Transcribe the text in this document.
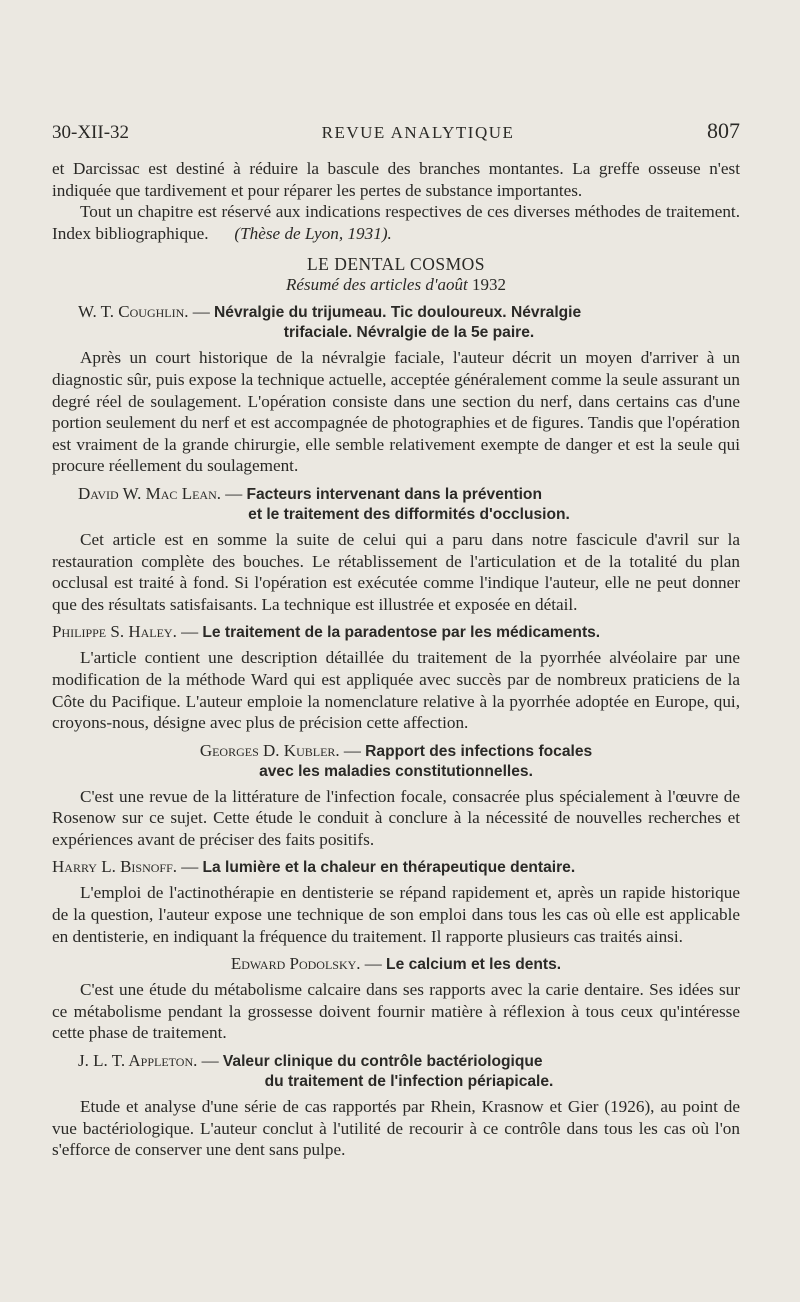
30-XII-32	REVUE ANALYTIQUE	807

et Darcissac est destiné à réduire la bascule des branches montantes. La greffe osseuse n'est indiquée que tardivement et pour réparer les pertes de substance importantes.

Tout un chapitre est réservé aux indications respectives de ces diverses méthodes de traitement. Index bibliographique. (Thèse de Lyon, 1931).

LE DENTAL COSMOS
Résumé des articles d'août 1932
W. T. Coughlin. — Névralgie du trijumeau. Tic douloureux. Névralgie
trifaciale. Névralgie de la 5e paire.

Après un court historique de la névralgie faciale, l'auteur décrit un moyen d'arriver à un diagnostic sûr, puis expose la technique actuelle, acceptée généralement comme la seule assurant un degré réel de soulagement. L'opération consiste dans une section du nerf, dans certains cas d'une portion seulement du nerf et est accompagnée de photographies et de figures. Tandis que l'opération est vraiment de la grande chirurgie, elle semble relativement exempte de danger et est la seule qui procure réellement du soulagement.

David W. Mac Lean. — Facteurs intervenant dans la prévention
et le traitement des difformités d'occlusion.

Cet article est en somme la suite de celui qui a paru dans notre fascicule d'avril sur la restauration complète des bouches. Le rétablissement de l'articulation et de la totalité du plan occlusal est traité à fond. Si l'opération est exécutée comme l'indique l'auteur, elle ne peut donner que des résultats satisfaisants. La technique est illustrée et exposée en détail.

Philippe S. Haley. — Le traitement de la paradentose par les médicaments.

L'article contient une description détaillée du traitement de la pyorrhée alvéolaire par une modification de la méthode Ward qui est appliquée avec succès par de nombreux praticiens de la Côte du Pacifique. L'auteur emploie la nomenclature relative à la pyorrhée adoptée en Europe, qui, croyons-nous, désigne avec plus de précision cette affection.

Georges D. Kubler. — Rapport des infections focales
avec les maladies constitutionnelles.

C'est une revue de la littérature de l'infection focale, consacrée plus spécialement à l'œuvre de Rosenow sur ce sujet. Cette étude le conduit à conclure à la nécessité de nouvelles recherches et expériences avant de préciser des faits positifs.

Harry L. Bisnoff. — La lumière et la chaleur en thérapeutique dentaire.

L'emploi de l'actinothérapie en dentisterie se répand rapidement et, après un rapide historique de la question, l'auteur expose une technique de son emploi dans tous les cas où elle est applicable en dentisterie, en indiquant la fréquence du traitement. Il rapporte plusieurs cas traités ainsi.

Edward Podolsky. — Le calcium et les dents.

C'est une étude du métabolisme calcaire dans ses rapports avec la carie dentaire. Ses idées sur ce métabolisme pendant la grossesse doivent fournir matière à réflexion à tous ceux qu'intéresse cette phase de traitement.

J. L. T. Appleton. — Valeur clinique du contrôle bactériologique
du traitement de l'infection périapicale.

Etude et analyse d'une série de cas rapportés par Rhein, Krasnow et Gier (1926), au point de vue bactériologique. L'auteur conclut à l'utilité de recourir à ce contrôle dans tous les cas où l'on s'efforce de conserver une dent sans pulpe.
